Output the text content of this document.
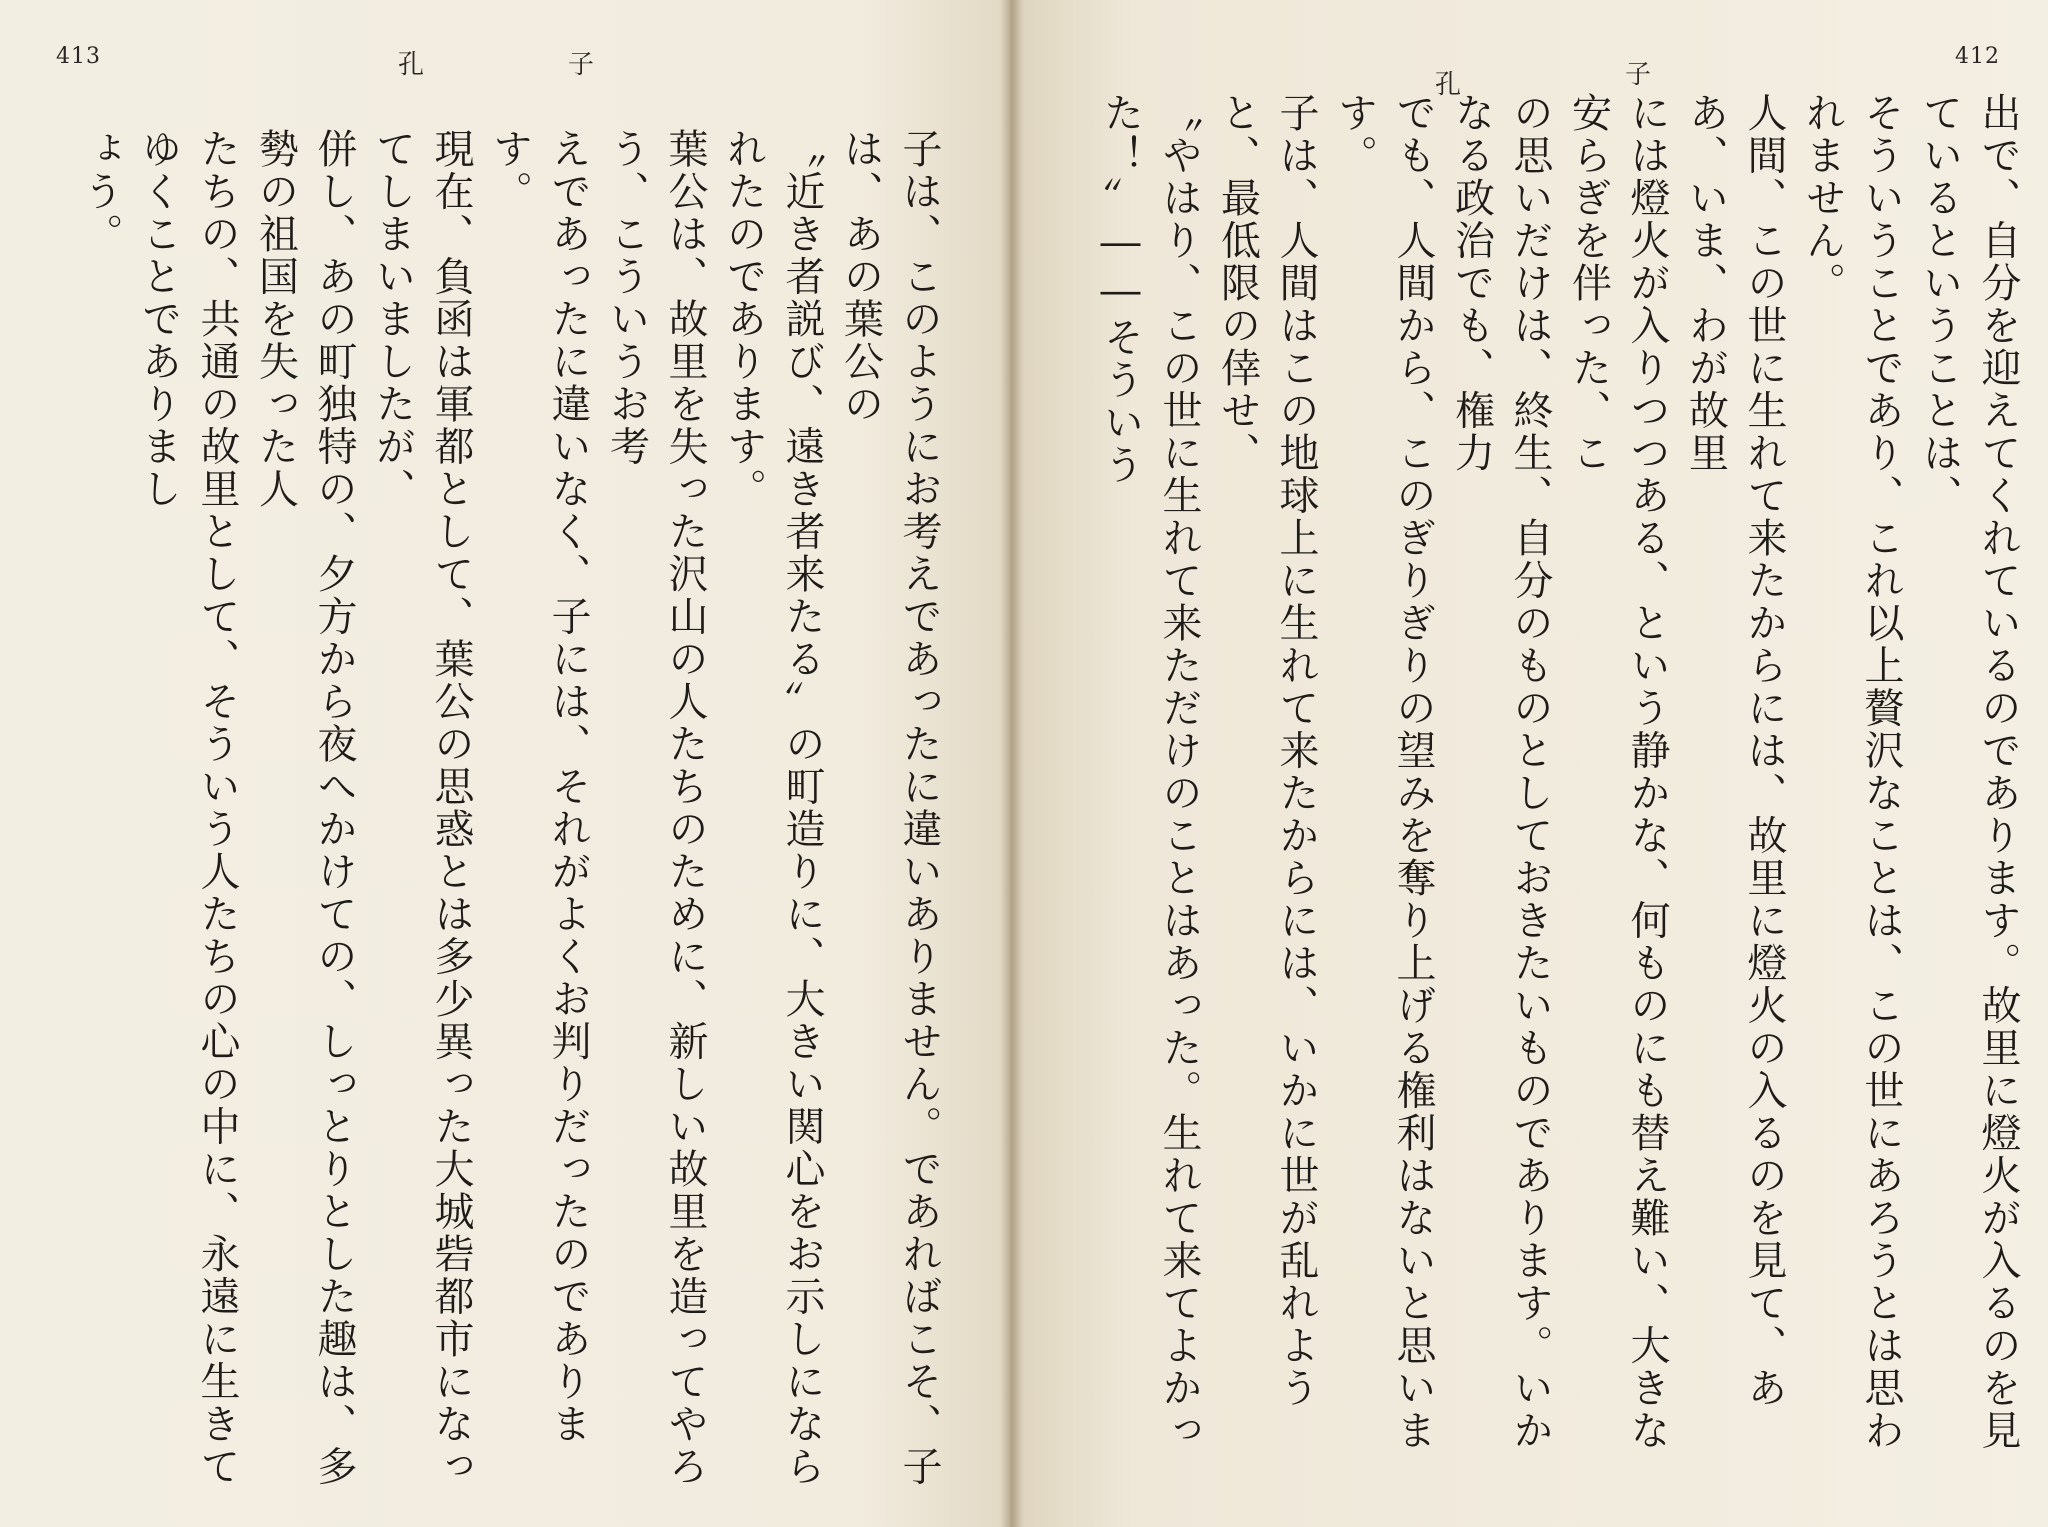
413	孔	子
子は、このようにお考えであったに違いありません。であればこそ、子は、あの葉公の
〝近き者説び、遠き者来たる〟の町造りに、大きい関心をお示しになられたのであります。
葉公は、故里を失った沢山の人たちのために、新しい故里を造ってやろう、こういうお考
えであったに違いなく、子には、それがよくお判りだったのであります。
現在、負函は軍都として、葉公の思惑とは多少異った大城砦都市になってしまいましたが、
併し、あの町独特の、夕方から夜へかけての、しっとりとした趣は、多勢の祖国を失った人
たちの、共通の故里として、そういう人たちの心の中に、永遠に生きてゆくことでありまし
ょう。

412
孔	子
出で、自分を迎えてくれているのであります。故里に燈火が入るのを見ているということは、
そういうことであり、これ以上贅沢なことは、この世にあろうとは思われません。
人間、この世に生れて来たからには、故里に燈火の入るのを見て、ああ、いま、わが故里
には燈火が入りつつある、という静かな、何ものにも替え難い、大きな安らぎを伴った、こ
の思いだけは、終生、自分のものとしておきたいものであります。いかなる政治でも、権力
でも、人間から、このぎりぎりの望みを奪り上げる権利はないと思います。
子は、人間はこの地球上に生れて来たからには、いかに世が乱れようと、最低限の倖せ、
〝やはり、この世に生れて来ただけのことはあった。生れて来てよかった！〟――そういう
